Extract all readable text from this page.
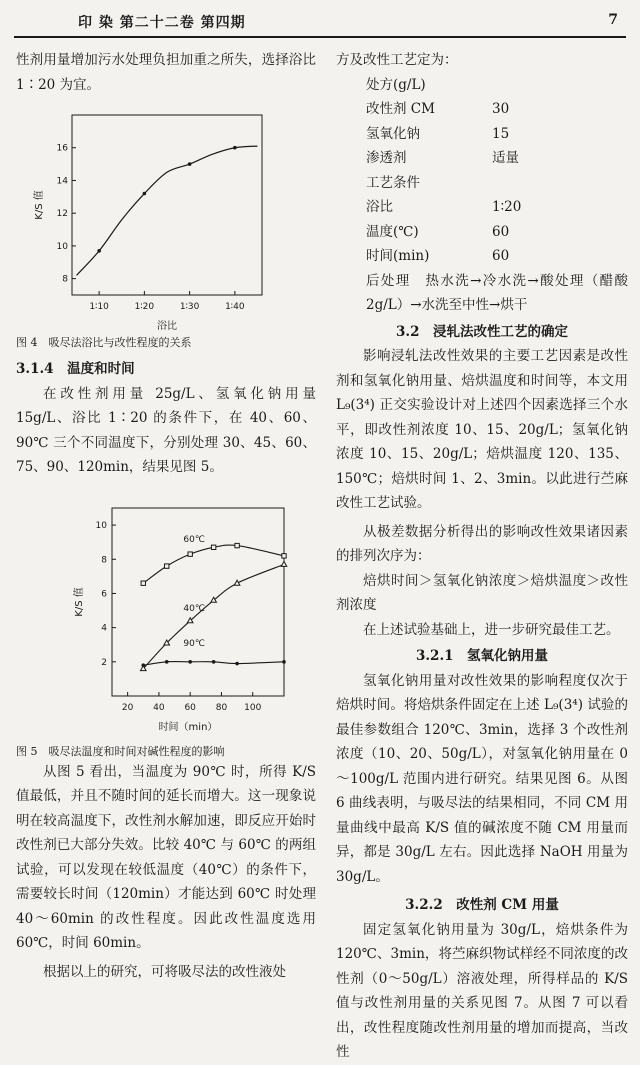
印 染 第二十二卷 第四期	7

性剂用量增加污水处理负担加重之所失，选择浴比 1∶20 为宜。

8
10
12
14
16
1∶10	1∶20	1∶30	1∶40
浴比
K/S 值

图 4　吸尽法浴比与改性程度的关系

3.1.4　温度和时间

在改性剂用量 25g/L、氢氧化钠用量 15g/L、浴比 1∶20 的条件下，在 40、60、90℃ 三个不同温度下，分别处理 30、45、60、75、90、120min，结果见图 5。

2
4
6
8
10
20 40 60 80 100
时间（min）
K/S 值
60℃
40℃
90℃

图 5　吸尽法温度和时间对碱性程度的影响

从图 5 看出，当温度为 90℃ 时，所得 K/S 值最低，并且不随时间的延长而增大。这一现象说明在较高温度下，改性剂水解加速，即反应开始时改性剂已大部分失效。比较 40℃ 与 60℃ 的两组试验，可以发现在较低温度（40℃）的条件下，需要较长时间（120min）才能达到 60℃ 时处理 40～60min 的改性程度。因此改性温度选用 60℃，时间 60min。

根据以上的研究，可将吸尽法的改性液处

方及改性工艺定为：

处方(g/L)
改性剂 CM	30
氢氧化钠	15
渗透剂	适量
工艺条件
浴比	1∶20
温度(℃)	60
时间(min)	60

后处理　热水洗→冷水洗→酸处理（醋酸 2g/L）→水洗至中性→烘干

3.2　浸轧法改性工艺的确定

影响浸轧法改性效果的主要工艺因素是改性剂和氢氧化钠用量、焙烘温度和时间等，本文用 L₉(3⁴) 正交实验设计对上述四个因素选择三个水平，即改性剂浓度 10、15、20g/L；氢氧化钠浓度 10、15、20g/L；焙烘温度 120、135、150℃；焙烘时间 1、2、3min。以此进行苎麻改性工艺试验。

从极差数据分析得出的影响改性效果诸因素的排列次序为：

焙烘时间＞氢氧化钠浓度＞焙烘温度＞改性剂浓度

在上述试验基础上，进一步研究最佳工艺。

3.2.1　氢氧化钠用量

氢氧化钠用量对改性效果的影响程度仅次于焙烘时间。将焙烘条件固定在上述 L₉(3⁴) 试验的最佳参数组合 120℃、3min，选择 3 个改性剂浓度（10、20、50g/L），对氢氧化钠用量在 0～100g/L 范围内进行研究。结果见图 6。从图 6 曲线表明，与吸尽法的结果相同，不同 CM 用量曲线中最高 K/S 值的碱浓度不随 CM 用量而异，都是 30g/L 左右。因此选择 NaOH 用量为 30g/L。

3.2.2　改性剂 CM 用量

固定氢氧化钠用量为 30g/L，焙烘条件为 120℃、3min，将苎麻织物试样经不同浓度的改性剂（0～50g/L）溶液处理，所得样品的 K/S 值与改性剂用量的关系见图 7。从图 7 可以看出，改性程度随改性剂用量的增加而提高，当改性
